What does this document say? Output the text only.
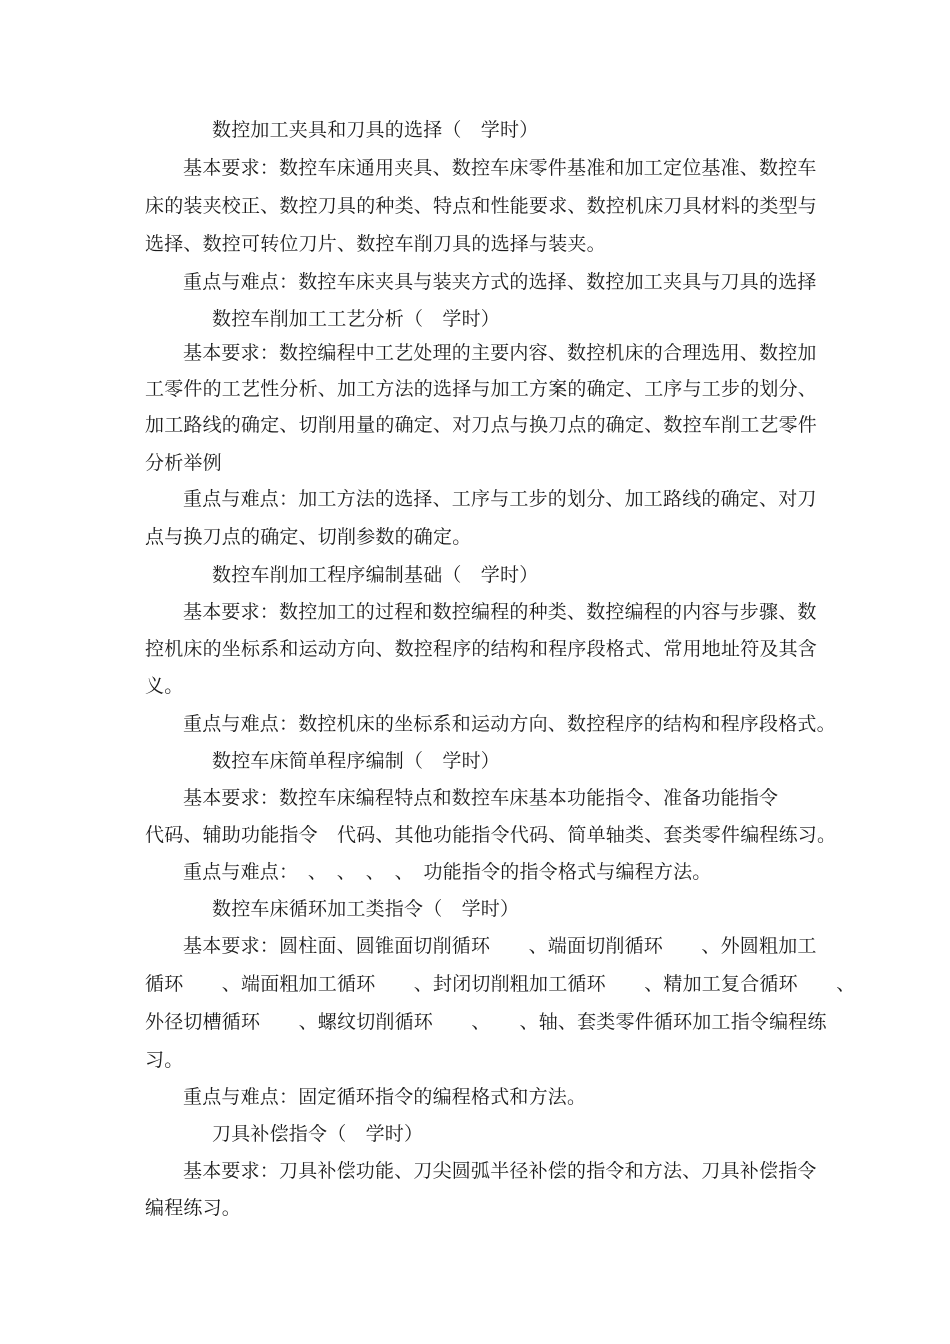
数控加工夹具和刀具的选择（　学时）
基本要求：数控车床通用夹具、数控车床零件基准和加工定位基准、数控车
床的装夹校正、数控刀具的种类、特点和性能要求、数控机床刀具材料的类型与
选择、数控可转位刀片、数控车削刀具的选择与装夹。
重点与难点：数控车床夹具与装夹方式的选择、数控加工夹具与刀具的选择
数控车削加工工艺分析（　学时）
基本要求：数控编程中工艺处理的主要内容、数控机床的合理选用、数控加
工零件的工艺性分析、加工方法的选择与加工方案的确定、工序与工步的划分、
加工路线的确定、切削用量的确定、对刀点与换刀点的确定、数控车削工艺零件
分析举例
重点与难点：加工方法的选择、工序与工步的划分、加工路线的确定、对刀
点与换刀点的确定、切削参数的确定。
数控车削加工程序编制基础（　学时）
基本要求：数控加工的过程和数控编程的种类、数控编程的内容与步骤、数
控机床的坐标系和运动方向、数控程序的结构和程序段格式、常用地址符及其含
义。
重点与难点：数控机床的坐标系和运动方向、数控程序的结构和程序段格式。
数控车床简单程序编制（　学时）
基本要求：数控车床编程特点和数控车床基本功能指令、准备功能指令
代码、辅助功能指令　代码、其他功能指令代码、简单轴类、套类零件编程练习。
重点与难点：　、　、　、　、　功能指令的指令格式与编程方法。
数控车床循环加工类指令（　学时）
基本要求：圆柱面、圆锥面切削循环　　、端面切削循环　　、外圆粗加工
循环　　、端面粗加工循环　　、封闭切削粗加工循环　　、精加工复合循环　　、
外径切槽循环　　、螺纹切削循环　　、　　、轴、套类零件循环加工指令编程练
习。
重点与难点：固定循环指令的编程格式和方法。
刀具补偿指令（　学时）
基本要求：刀具补偿功能、刀尖圆弧半径补偿的指令和方法、刀具补偿指令
编程练习。
